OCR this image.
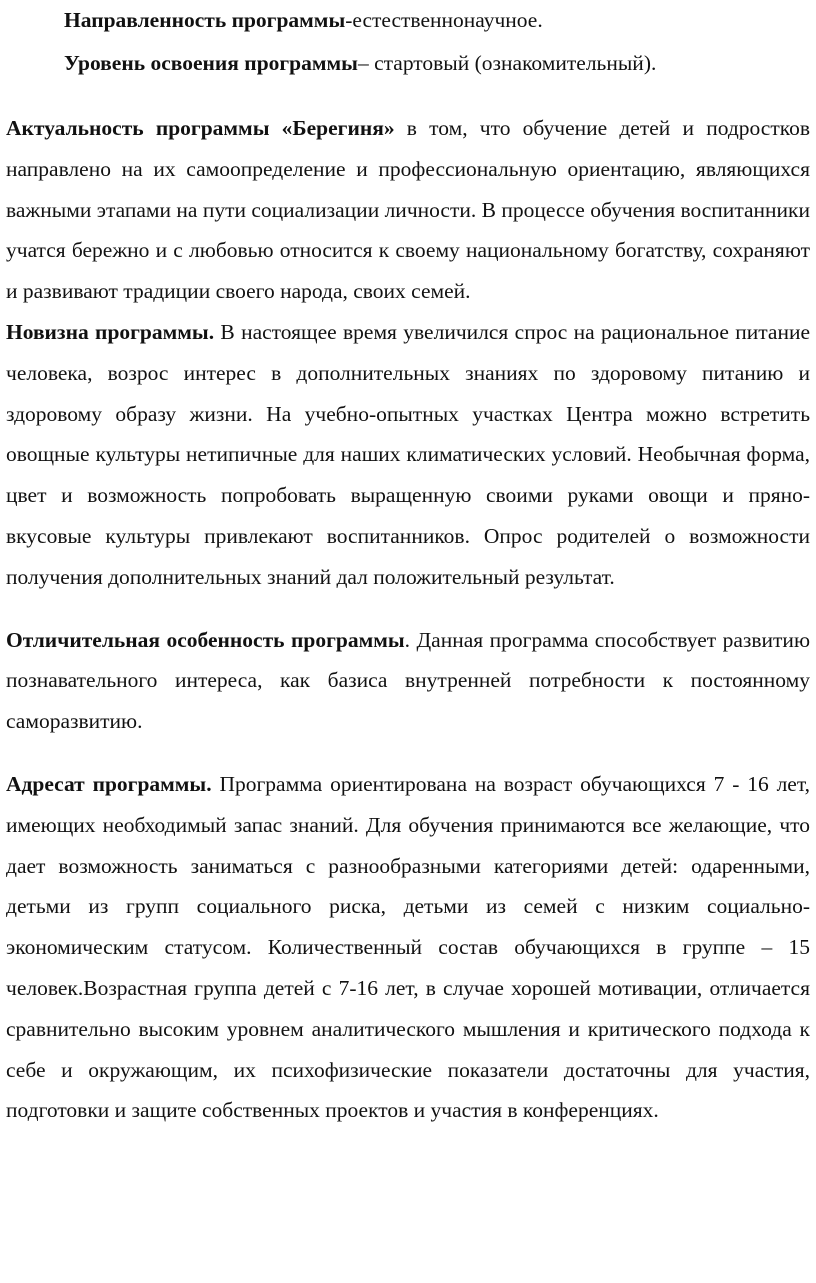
Направленность программы-естественнонаучное.

Уровень освоения программы– стартовый (ознакомительный).

Актуальность программы «Берегиня» в том, что обучение детей и подростков направлено на их самоопределение и профессиональную ориентацию, являющихся важными этапами на пути социализации личности. В процессе обучения воспитанники учатся бережно и с любовью относится к своему национальному богатству, сохраняют и развивают традиции своего народа, своих семей.

Новизна программы. В настоящее время увеличился спрос на рациональное питание человека, возрос интерес в дополнительных знаниях по здоровому питанию и здоровому образу жизни. На учебно-опытных участках Центра можно встретить овощные культуры нетипичные для наших климатических условий. Необычная форма, цвет и возможность попробовать выращенную своими руками овощи и пряно- вкусовые культуры привлекают воспитанников. Опрос родителей о возможности получения дополнительных знаний дал положительный результат.

Отличительная особенность программы. Данная программа способствует развитию познавательного интереса, как базиса внутренней потребности к постоянному саморазвитию.

Адресат программы. Программа ориентирована на возраст обучающихся 7 - 16 лет, имеющих необходимый запас знаний. Для обучения принимаются все желающие, что дает возможность заниматься с разнообразными категориями детей: одаренными, детьми из групп социального риска, детьми из семей с низким социально-экономическим статусом. Количественный состав обучающихся в группе – 15 человек.Возрастная группа детей с 7-16 лет, в случае хорошей мотивации, отличается сравнительно высоким уровнем аналитического мышления и критического подхода к себе и окружающим, их психофизические показатели достаточны для участия, подготовки и защите собственных проектов и участия в конференциях.
